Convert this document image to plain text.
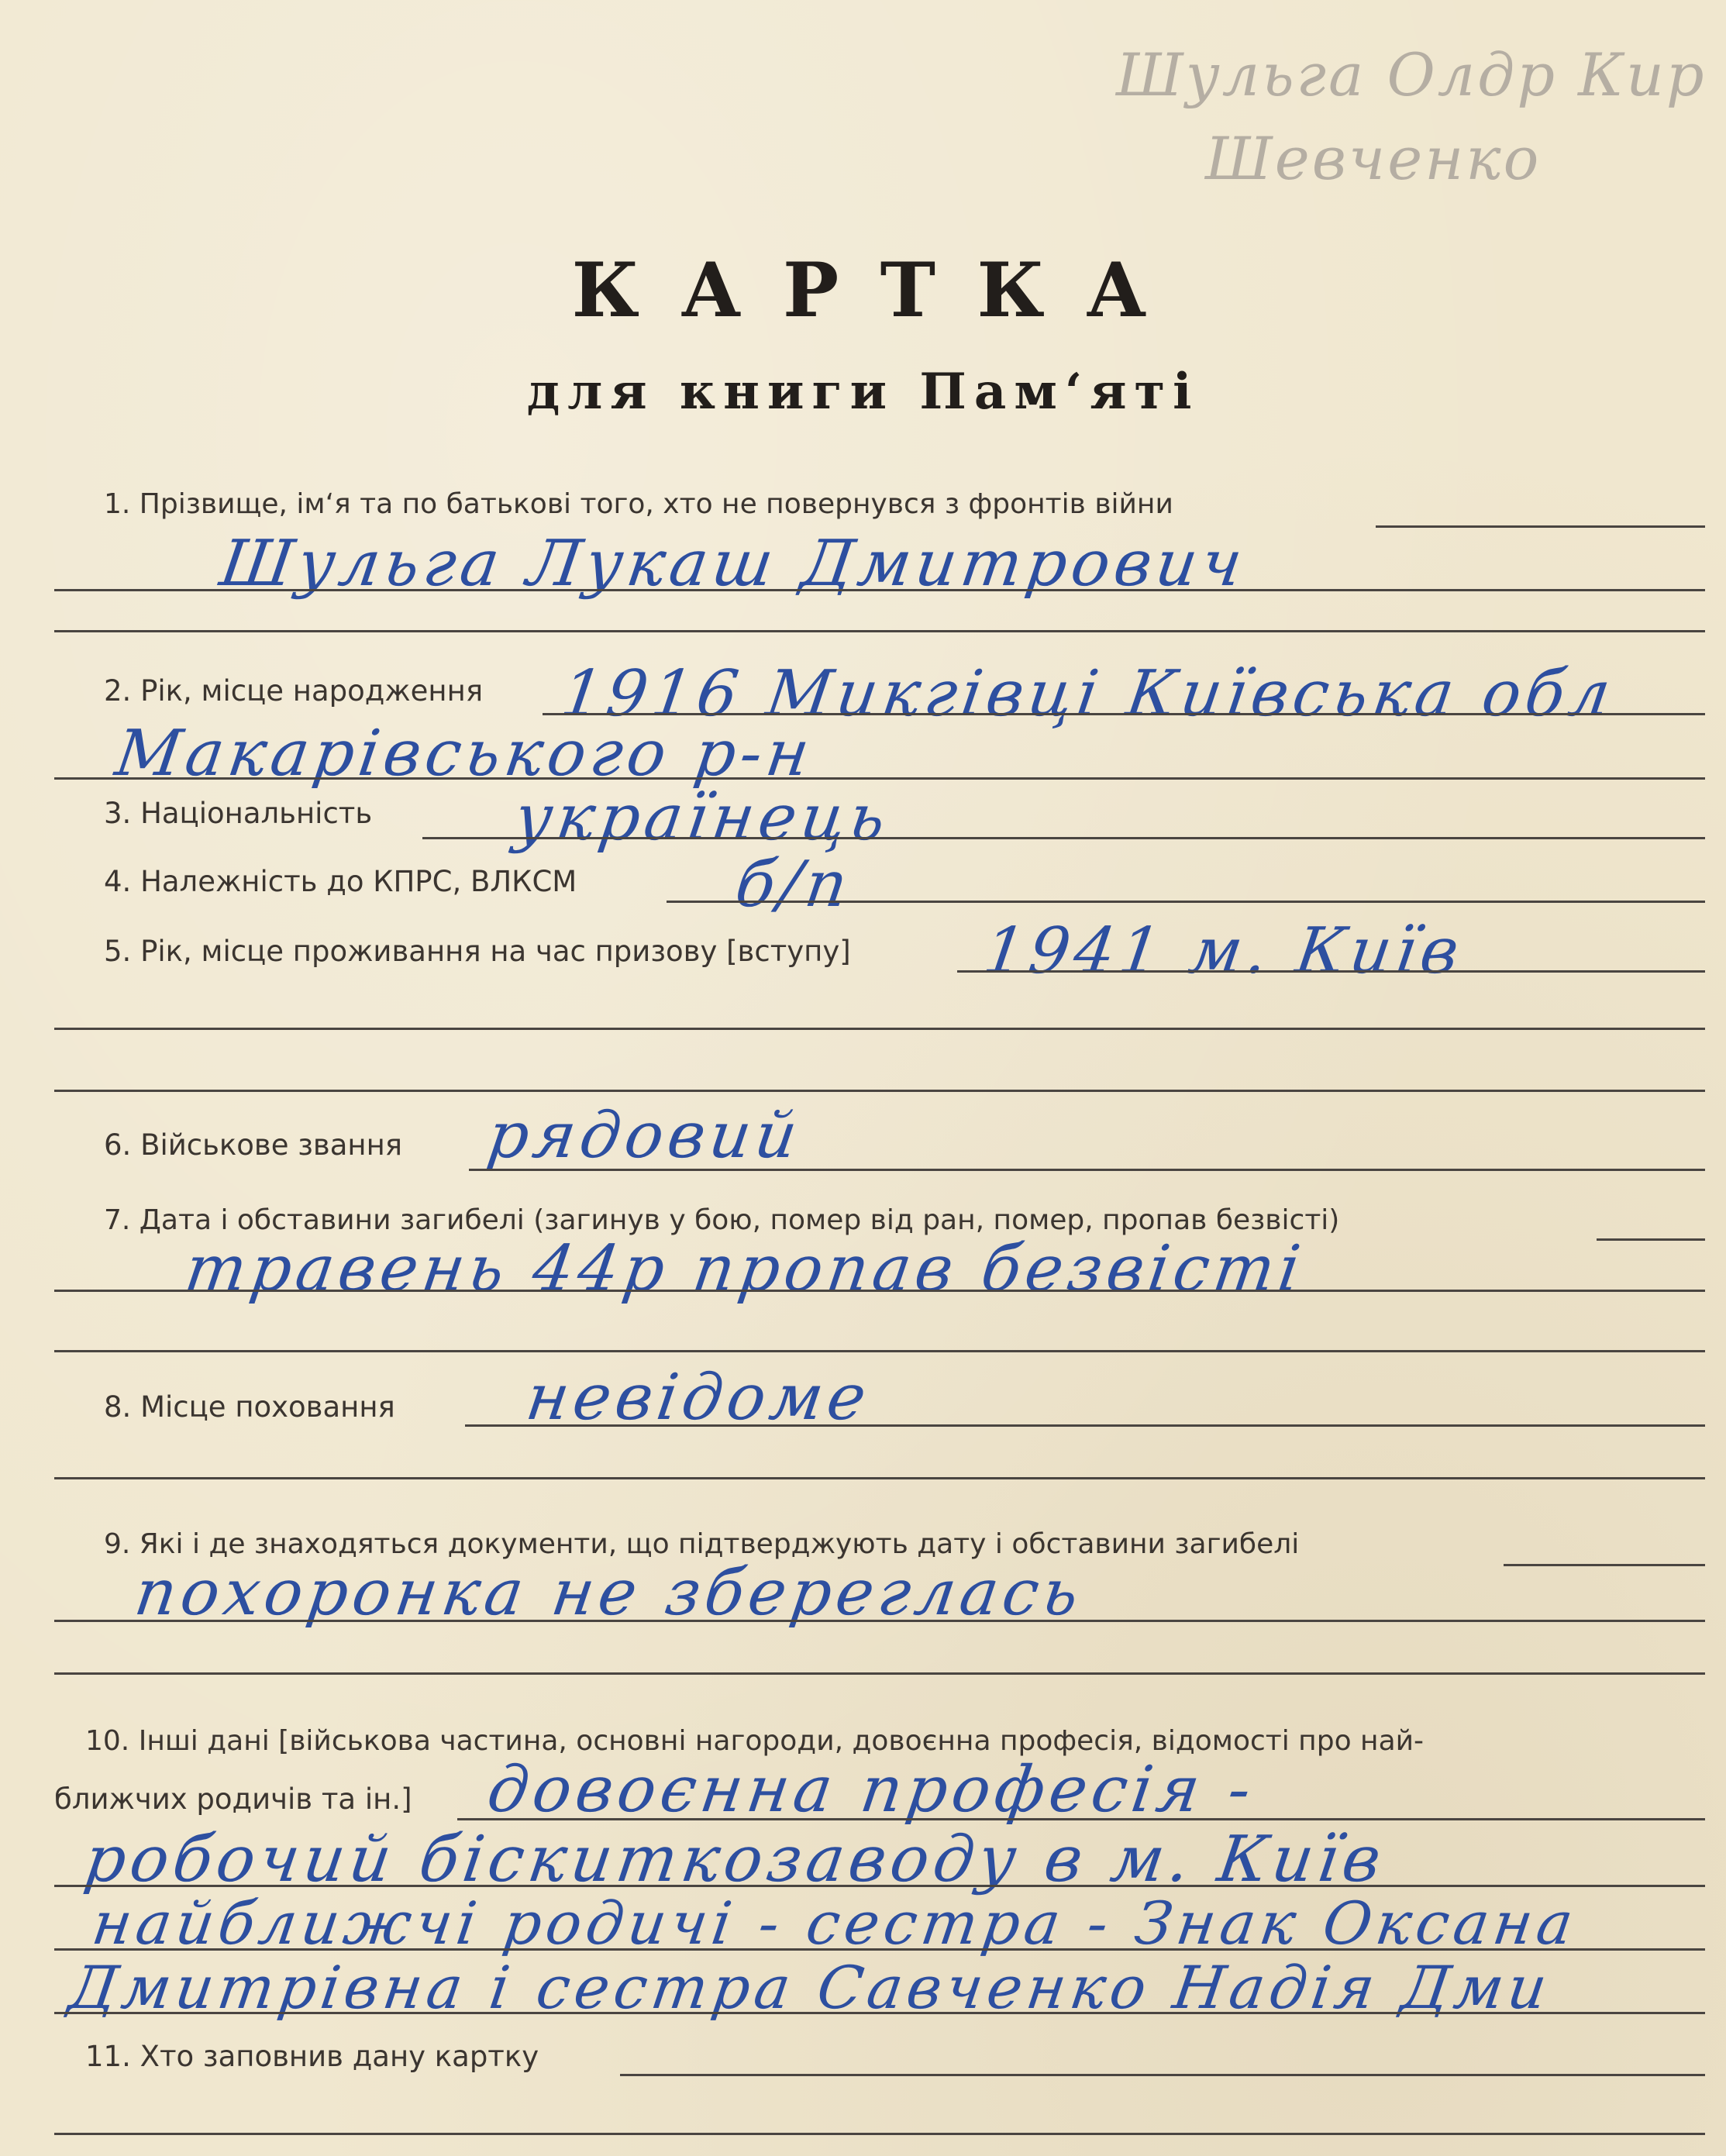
Шульга Олдр Кир
Шевченко
К А Р Т К А
для книги Пам‘яті
1. Прізвище, ім‘я та по батькові того, хто не повернувся з фронтів війни
Шульга Лукаш Дмитрович
2. Рік, місце народження 1916 Микгівці Київська обл
Макарівського р-н
3. Національність українець
4. Належність до КПРС, ВЛКСМ б/п
5. Рік, місце проживання на час призову [вступу] 1941 м. Київ
6. Військове звання рядовий
7. Дата і обставини загибелі (загинув у бою, помер від ран, помер, пропав безвісті)
травень 44р пропав безвісті
8. Місце поховання невідоме
9. Які і де знаходяться документи, що підтверджують дату і обставини загибелі
похоронка не збереглась
10. Інші дані [військова частина, основні нагороди, довоєнна професія, відомості про най-
ближчих родичів та ін.] довоєнна професія -
робочий біскиткозаводу в м. Київ
найближчі родичі - сестра - Знак Оксана
Дмитрівна і сестра Савченко Надія Дми
11. Хто заповнив дану картку
